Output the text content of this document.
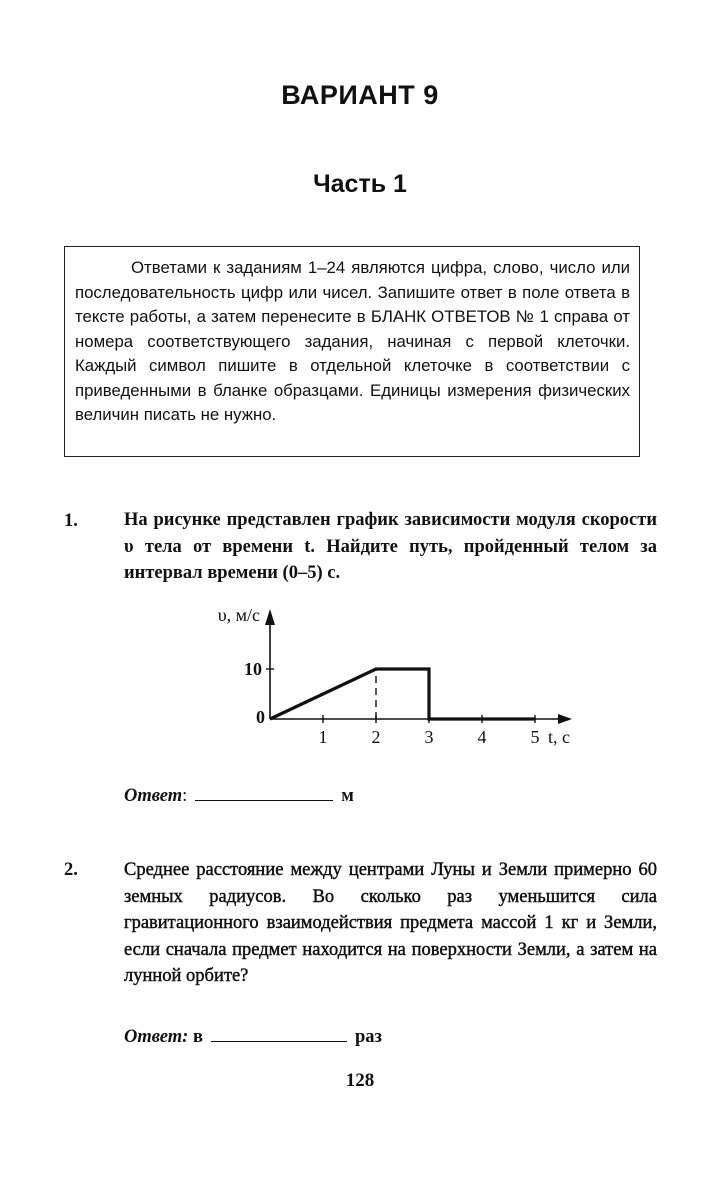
ВАРИАНТ 9
Часть 1
Ответами к заданиям 1–24 являются цифра, слово, число или последовательность цифр или чисел. Запишите ответ в поле ответа в тексте работы, а затем перенесите в БЛАНК ОТВЕТОВ № 1 справа от номера соответствующего задания, начиная с первой клеточки. Каждый символ пишите в отдельной клеточке в соответствии с приведенными в бланке образцами. Единицы измерения физических величин писать не нужно.
1. На рисунке представлен график зависимости модуля скорости υ тела от времени t. Найдите путь, пройденный телом за интервал времени (0–5) с.
1 2 3 4 5
10
0
υ, м/с
t, c
Ответ:	м
2. Среднее расстояние между центрами Луны и Земли примерно 60 земных радиусов. Во сколько раз уменьшится сила гравитационного взаимодействия предмета массой 1 кг и Земли, если сначала предмет находится на поверхности Земли, а затем на лунной орбите?
Ответ: в	раз
128
